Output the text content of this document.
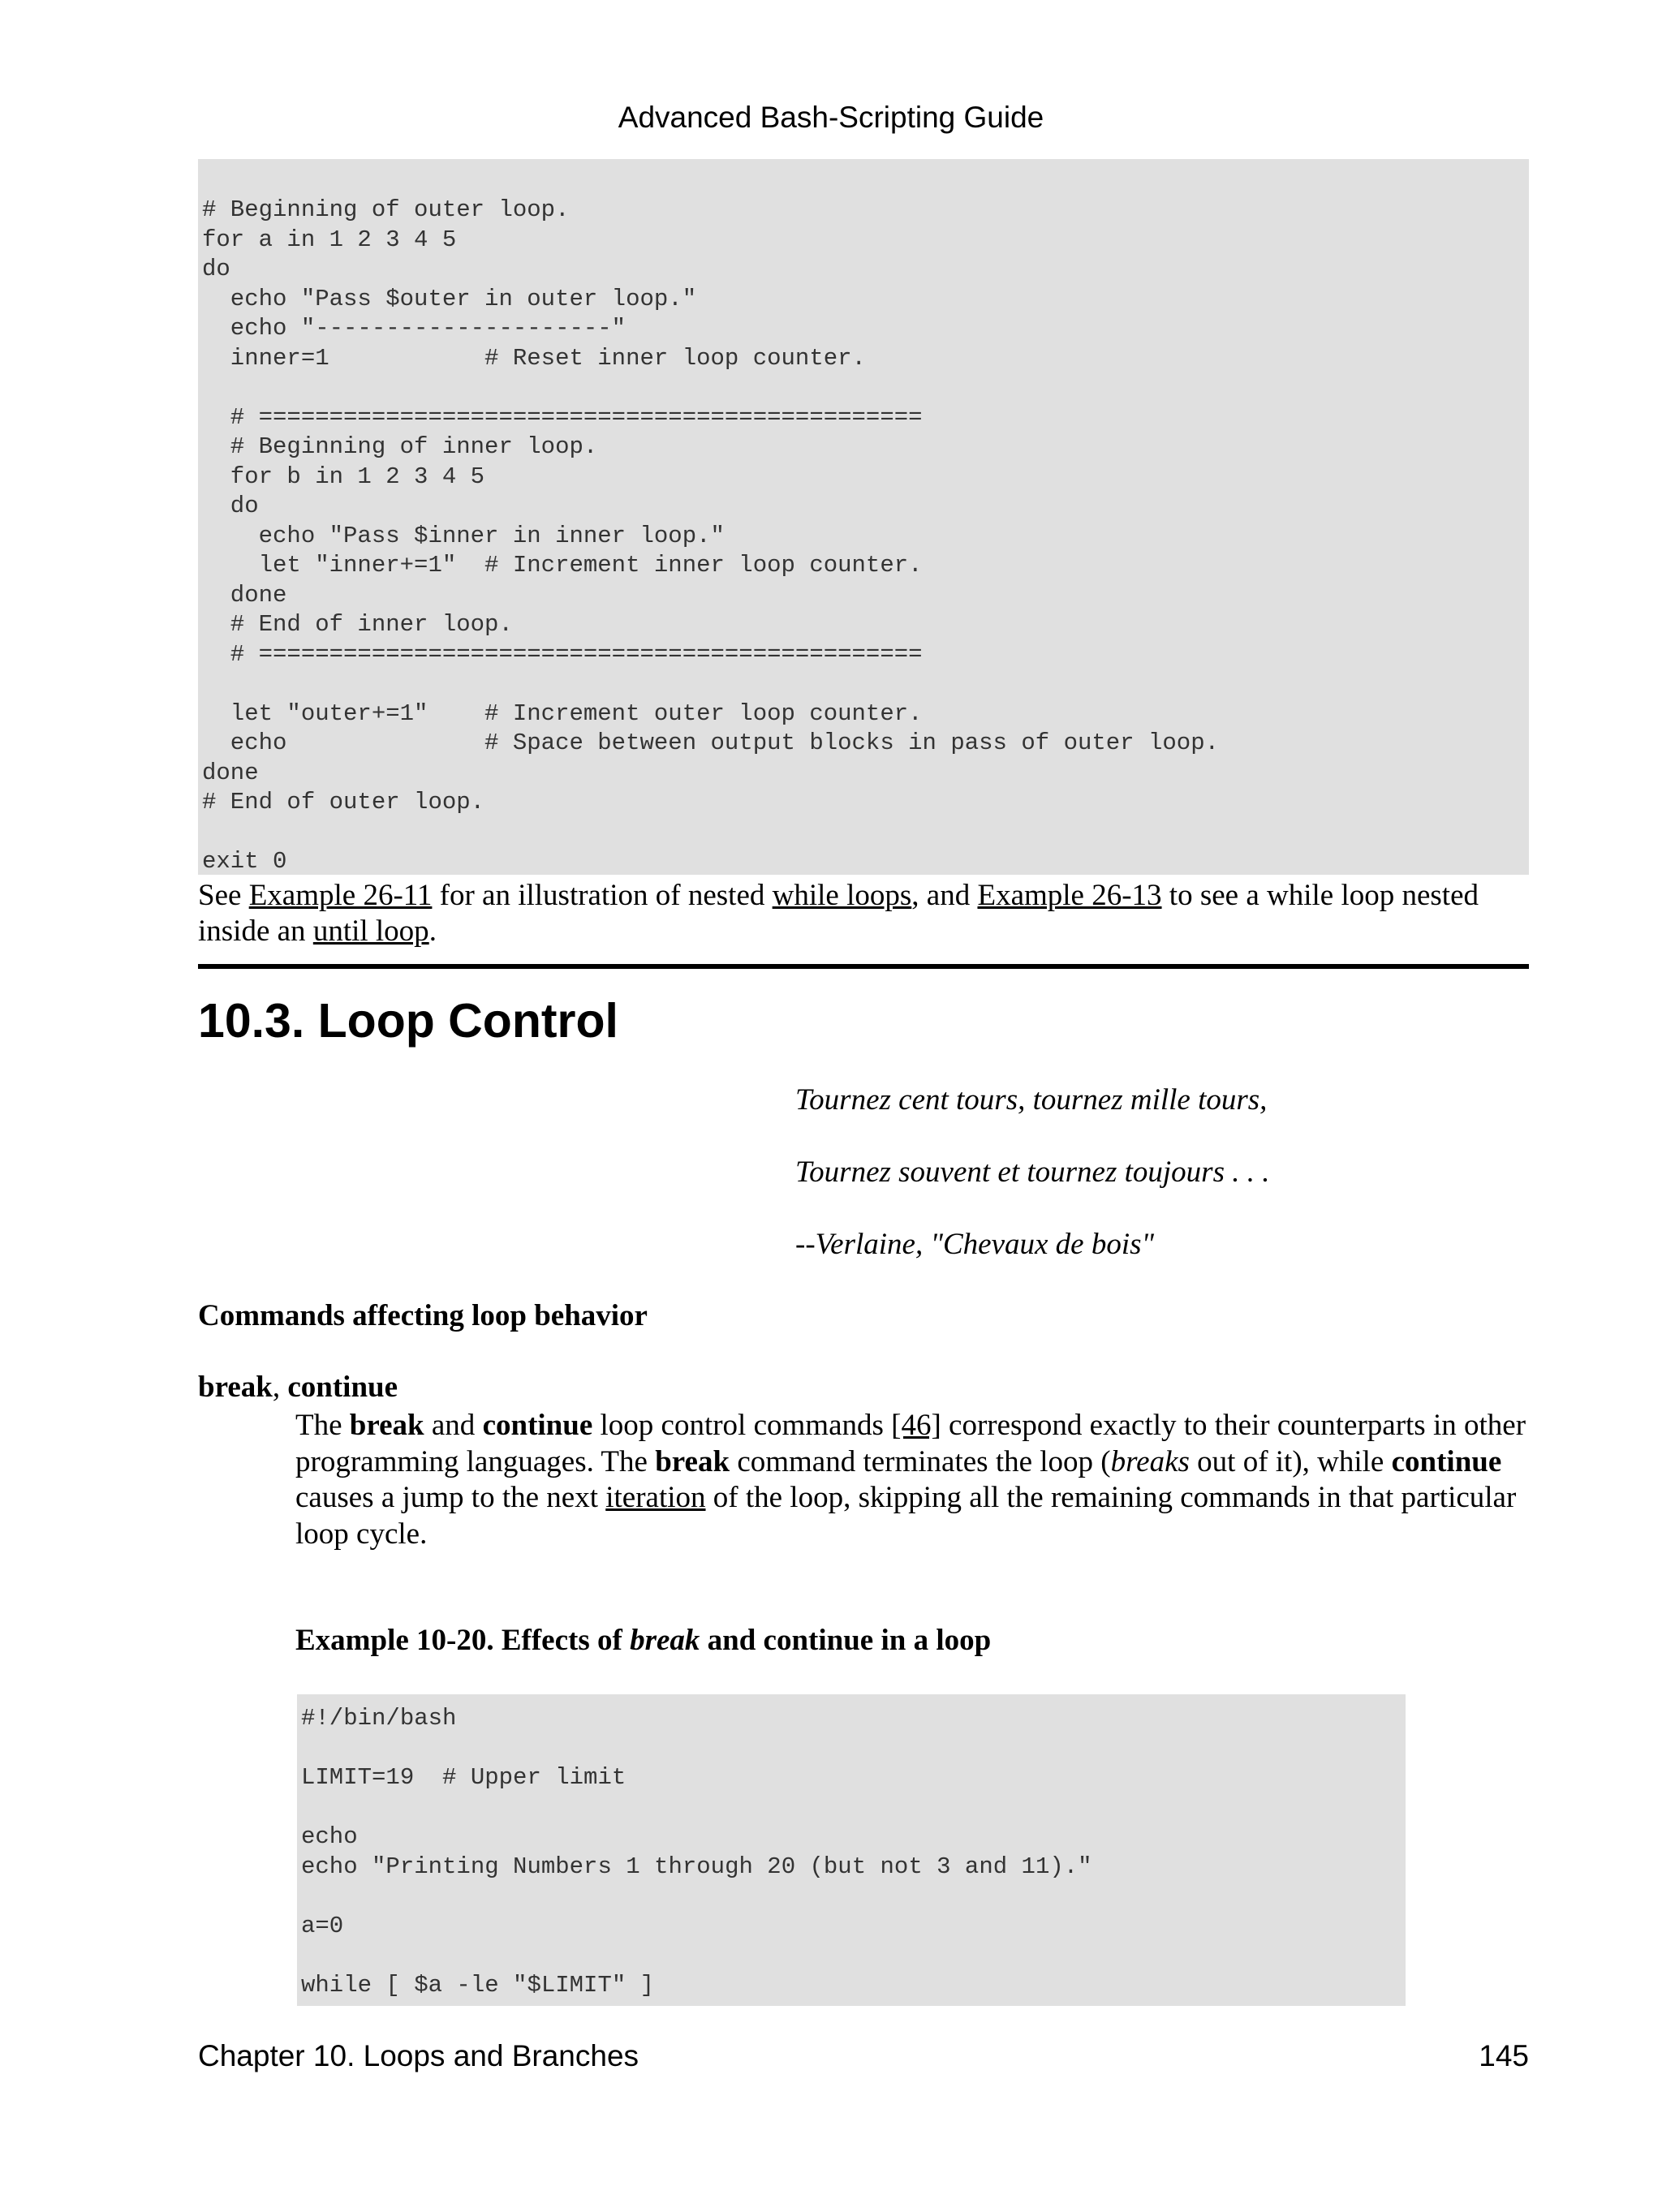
Advanced Bash-Scripting Guide
# Beginning of outer loop.
for a in 1 2 3 4 5
do
echo "Pass $outer in outer loop."
echo "---------------------"
inner=1           # Reset inner loop counter.

# ===============================================
# Beginning of inner loop.
for b in 1 2 3 4 5
do
echo "Pass $inner in inner loop."
let "inner+=1"  # Increment inner loop counter.
done
# End of inner loop.
# ===============================================

let "outer+=1"    # Increment outer loop counter.
echo              # Space between output blocks in pass of outer loop.
done
# End of outer loop.

exit 0

See Example 26-11 for an illustration of nested while loops, and Example 26-13 to see a while loop nested inside an until loop.

10.3. Loop Control
Tournez cent tours, tournez mille tours,
Tournez souvent et tournez toujours . . .
--Verlaine, "Chevaux de bois"

Commands affecting loop behavior

break, continue

The break and continue loop control commands [46] correspond exactly to their counterparts in other programming languages. The break command terminates the loop (breaks out of it), while continue causes a jump to the next iteration of the loop, skipping all the remaining commands in that particular loop cycle.

Example 10-20. Effects of break and continue in a loop

#!/bin/bash

LIMIT=19  # Upper limit

echo
echo "Printing Numbers 1 through 20 (but not 3 and 11)."

a=0

while [ $a -le "$LIMIT" ]
Chapter 10. Loops and Branches	145
